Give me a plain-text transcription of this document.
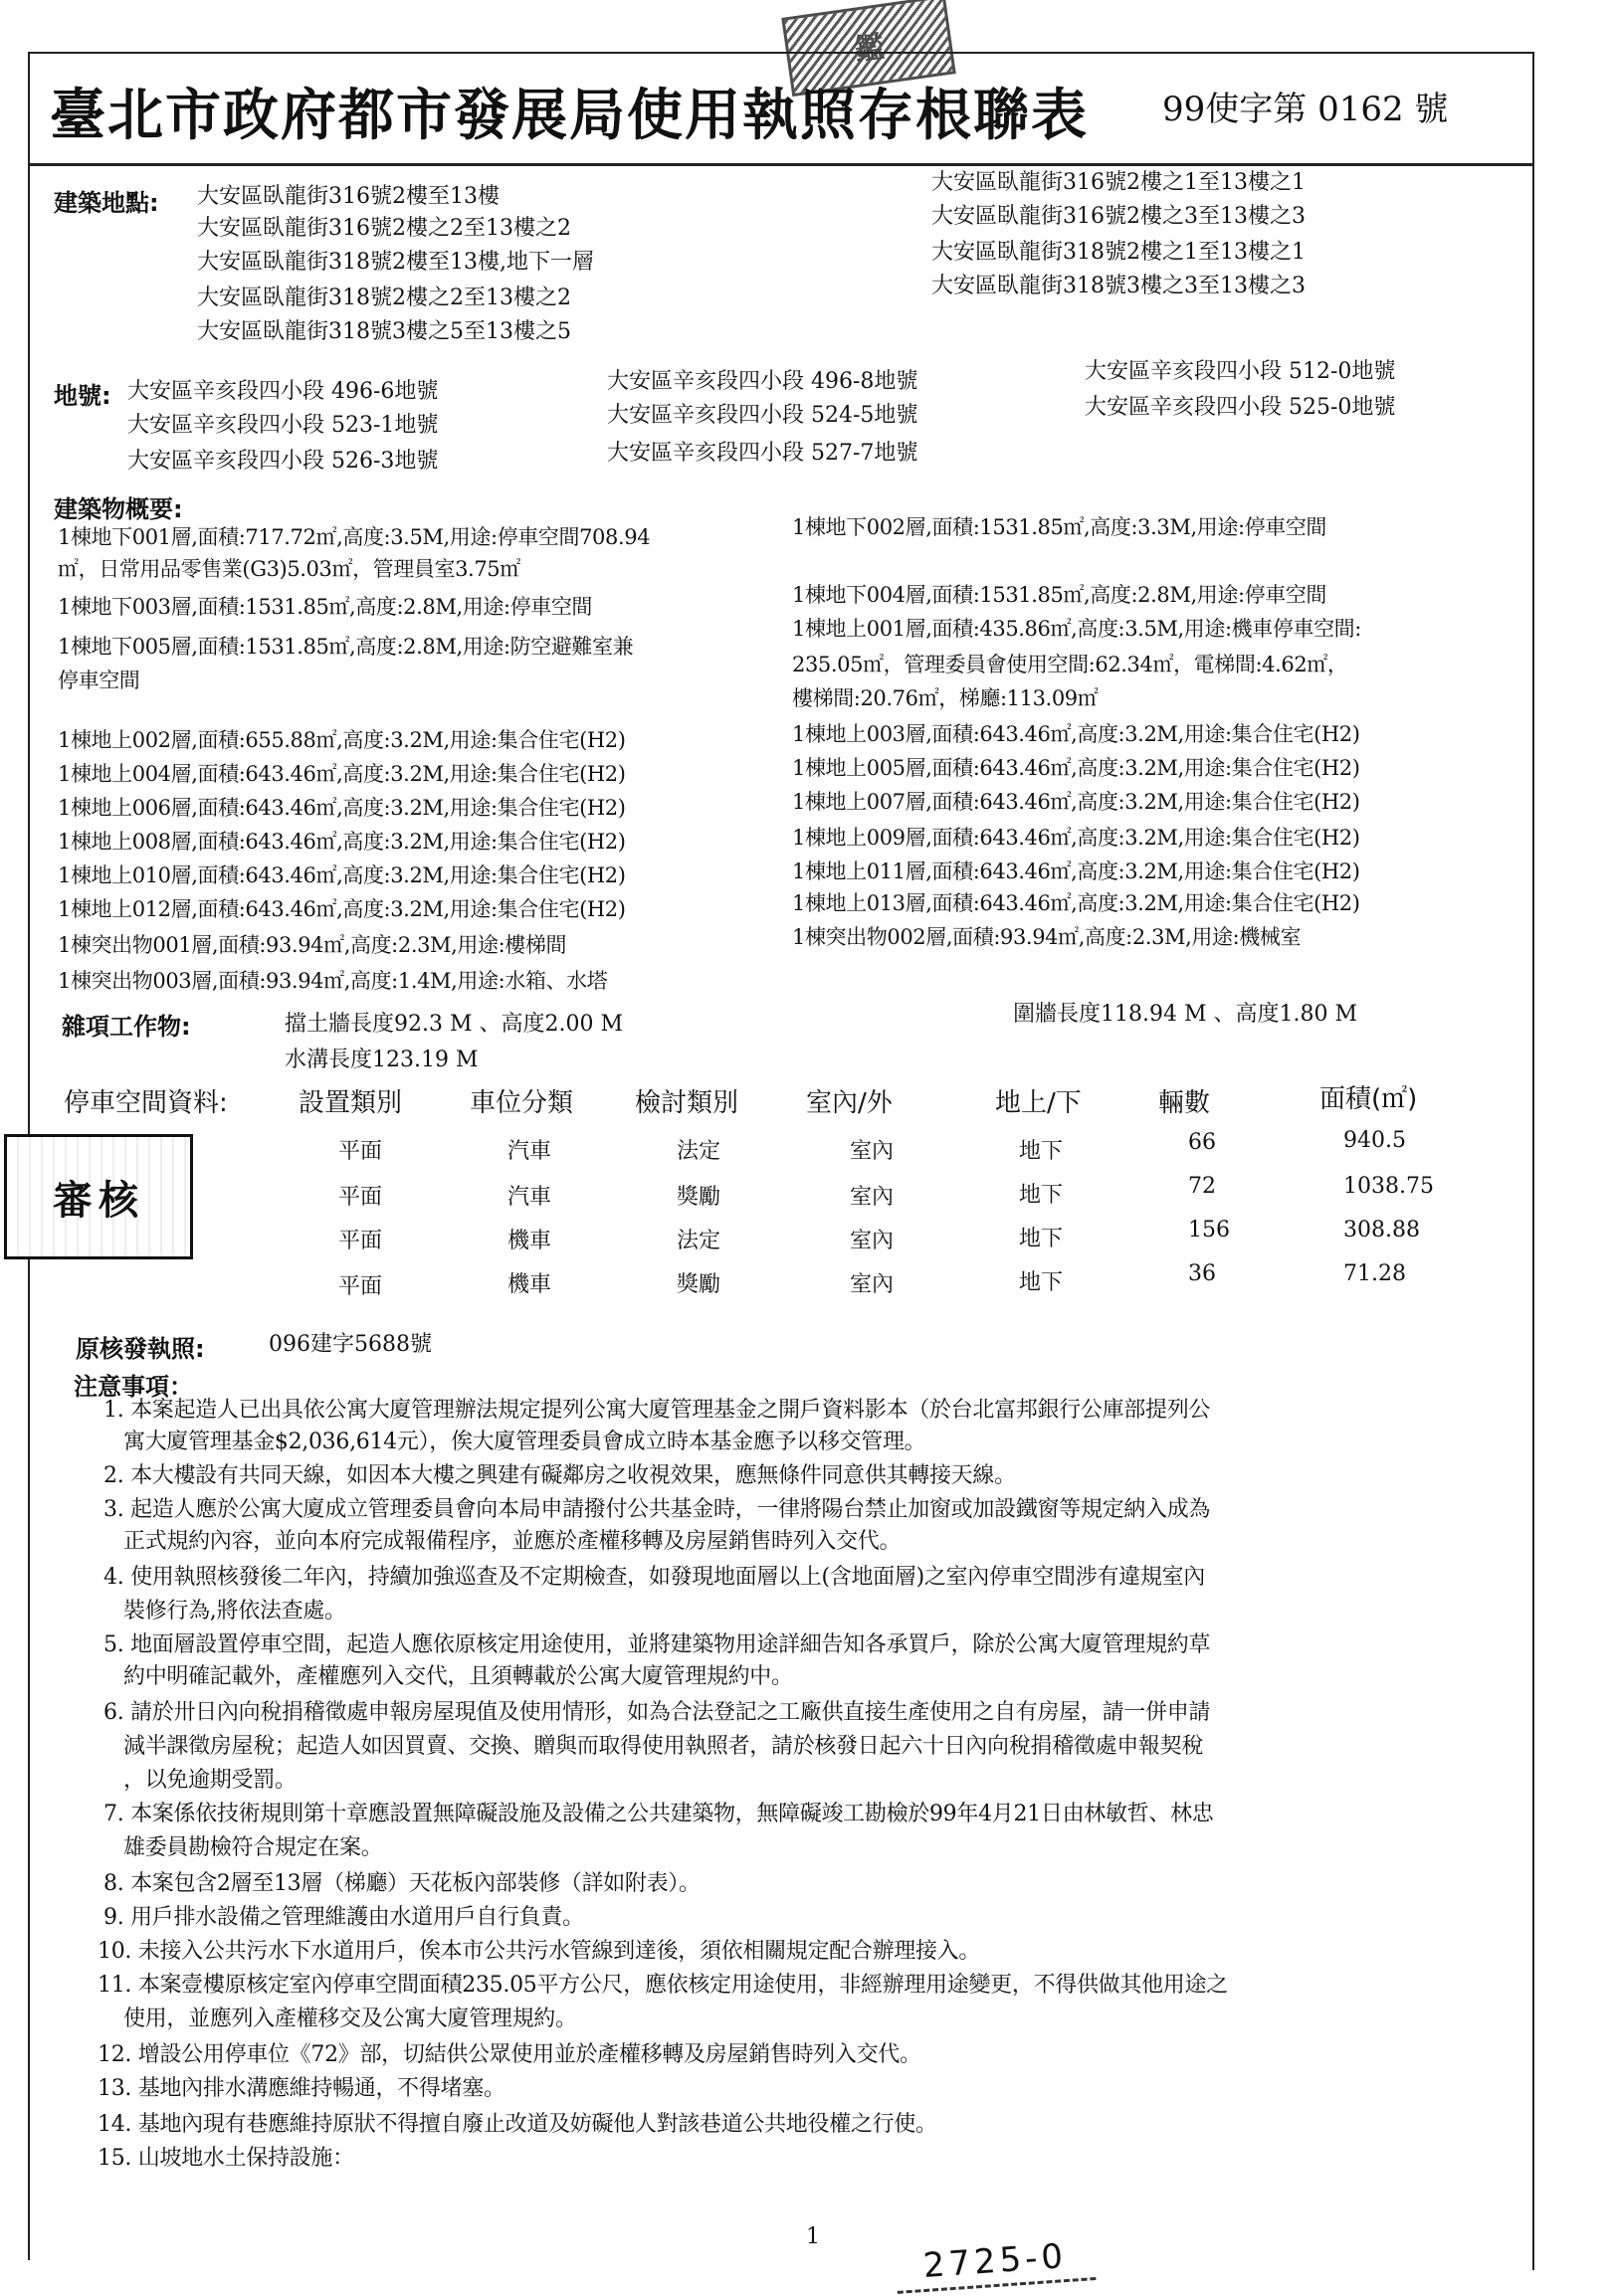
鑑
臺北市政府都市發展局使用執照存根聯表 99使字第 0162 號
建築地點: 大安區臥龍街316號2樓至13樓
大安區臥龍街316號2樓之2至13樓之2
大安區臥龍街318號2樓至13樓,地下一層
大安區臥龍街318號2樓之2至13樓之2
大安區臥龍街318號3樓之5至13樓之5
大安區臥龍街316號2樓之1至13樓之1
大安區臥龍街316號2樓之3至13樓之3
大安區臥龍街318號2樓之1至13樓之1
大安區臥龍街318號3樓之3至13樓之3
地號: 大安區辛亥段四小段 496-6地號	大安區辛亥段四小段 496-8地號	大安區辛亥段四小段 512-0地號
大安區辛亥段四小段 523-1地號	大安區辛亥段四小段 524-5地號	大安區辛亥段四小段 525-0地號
大安區辛亥段四小段 526-3地號	大安區辛亥段四小段 527-7地號
建築物概要:
1棟地下001層,面積:717.72㎡,高度:3.5M,用途:停車空間708.94
㎡，日常用品零售業(G3)5.03㎡，管理員室3.75㎡
1棟地下003層,面積:1531.85㎡,高度:2.8M,用途:停車空間
1棟地下005層,面積:1531.85㎡,高度:2.8M,用途:防空避難室兼
停車空間
1棟地上002層,面積:655.88㎡,高度:3.2M,用途:集合住宅(H2)
1棟地上004層,面積:643.46㎡,高度:3.2M,用途:集合住宅(H2)
1棟地上006層,面積:643.46㎡,高度:3.2M,用途:集合住宅(H2)
1棟地上008層,面積:643.46㎡,高度:3.2M,用途:集合住宅(H2)
1棟地上010層,面積:643.46㎡,高度:3.2M,用途:集合住宅(H2)
1棟地上012層,面積:643.46㎡,高度:3.2M,用途:集合住宅(H2)
1棟突出物001層,面積:93.94㎡,高度:2.3M,用途:樓梯間
1棟突出物003層,面積:93.94㎡,高度:1.4M,用途:水箱、水塔
1棟地下002層,面積:1531.85㎡,高度:3.3M,用途:停車空間
1棟地下004層,面積:1531.85㎡,高度:2.8M,用途:停車空間
1棟地上001層,面積:435.86㎡,高度:3.5M,用途:機車停車空間:
235.05㎡，管理委員會使用空間:62.34㎡，電梯間:4.62㎡，
樓梯間:20.76㎡，梯廳:113.09㎡
1棟地上003層,面積:643.46㎡,高度:3.2M,用途:集合住宅(H2)
1棟地上005層,面積:643.46㎡,高度:3.2M,用途:集合住宅(H2)
1棟地上007層,面積:643.46㎡,高度:3.2M,用途:集合住宅(H2)
1棟地上009層,面積:643.46㎡,高度:3.2M,用途:集合住宅(H2)
1棟地上011層,面積:643.46㎡,高度:3.2M,用途:集合住宅(H2)
1棟地上013層,面積:643.46㎡,高度:3.2M,用途:集合住宅(H2)
1棟突出物002層,面積:93.94㎡,高度:2.3M,用途:機械室
雜項工作物:	擋土牆長度92.3 M 、高度2.00 M
水溝長度123.19 M
圍牆長度118.94 M 、高度1.80 M
停車空間資料:	設置類別	車位分類 檢討類別	室內/外	地上/下	輛數	面積(㎡)
平面	汽車	法定	室內	地下	66	940.5
平面	汽車	獎勵	室內	地下	72	1038.75
平面	機車	法定	室內	地下	156	308.88
平面	機車	獎勵	室內	地下	36	71.28
審核
原核發執照:	096建字5688號
注意事項：
1. 本案起造人已出具依公寓大廈管理辦法規定提列公寓大廈管理基金之開戶資料影本（於台北富邦銀行公庫部提列公
寓大廈管理基金$2,036,614元），俟大廈管理委員會成立時本基金應予以移交管理。
2. 本大樓設有共同天線，如因本大樓之興建有礙鄰房之收視效果，應無條件同意供其轉接天線。
3. 起造人應於公寓大廈成立管理委員會向本局申請撥付公共基金時，一律將陽台禁止加窗或加設鐵窗等規定納入成為
正式規約內容，並向本府完成報備程序，並應於產權移轉及房屋銷售時列入交代。
4. 使用執照核發後二年內，持續加強巡查及不定期檢查，如發現地面層以上(含地面層)之室內停車空間涉有違規室內
裝修行為,將依法查處。
5. 地面層設置停車空間，起造人應依原核定用途使用，並將建築物用途詳細告知各承買戶，除於公寓大廈管理規約草
約中明確記載外，產權應列入交代，且須轉載於公寓大廈管理規約中。
6. 請於卅日內向稅捐稽徵處申報房屋現值及使用情形，如為合法登記之工廠供直接生產使用之自有房屋，請一併申請
減半課徵房屋稅；起造人如因買賣、交換、贈與而取得使用執照者，請於核發日起六十日內向稅捐稽徵處申報契稅
，以免逾期受罰。
7. 本案係依技術規則第十章應設置無障礙設施及設備之公共建築物，無障礙竣工勘檢於99年4月21日由林敏哲、林忠
雄委員勘檢符合規定在案。
8. 本案包含2層至13層（梯廳）天花板內部裝修（詳如附表）。
9. 用戶排水設備之管理維護由水道用戶自行負責。
10. 未接入公共污水下水道用戶，俟本市公共污水管線到達後，須依相關規定配合辦理接入。
11. 本案壹樓原核定室內停車空間面積235.05平方公尺，應依核定用途使用，非經辦理用途變更，不得供做其他用途之
使用，並應列入產權移交及公寓大廈管理規約。
12. 增設公用停車位《72》部，切結供公眾使用並於產權移轉及房屋銷售時列入交代。
13. 基地內排水溝應維持暢通，不得堵塞。
14. 基地內現有巷應維持原狀不得擅自廢止改道及妨礙他人對該巷道公共地役權之行使。
15. 山坡地水土保持設施：
1	2725-0
